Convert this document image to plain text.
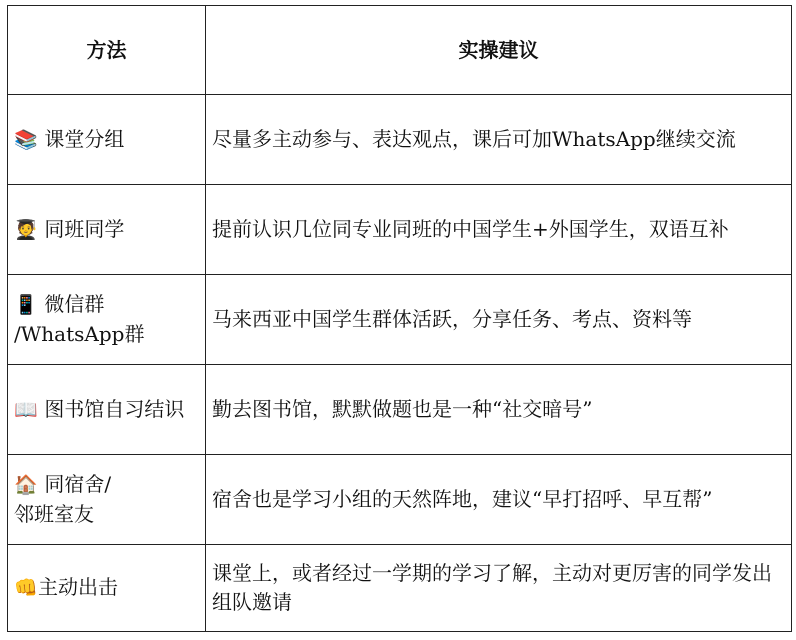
方法	实操建议
📚 课堂分组	尽量多主动参与、表达观点，课后可加WhatsApp继续交流
🧑‍🎓 同班同学	提前认识几位同专业同班的中国学生+外国学生，双语互补
📱 微信群
/WhatsApp群	马来西亚中国学生群体活跃，分享任务、考点、资料等
📖 图书馆自习结识	勤去图书馆，默默做题也是一种“社交暗号”
🏠 同宿舍/
邻班室友	宿舍也是学习小组的天然阵地，建议“早打招呼、早互帮”
👊主动出击	课堂上，或者经过一学期的学习了解，主动对更厉害的同学发出组队邀请
